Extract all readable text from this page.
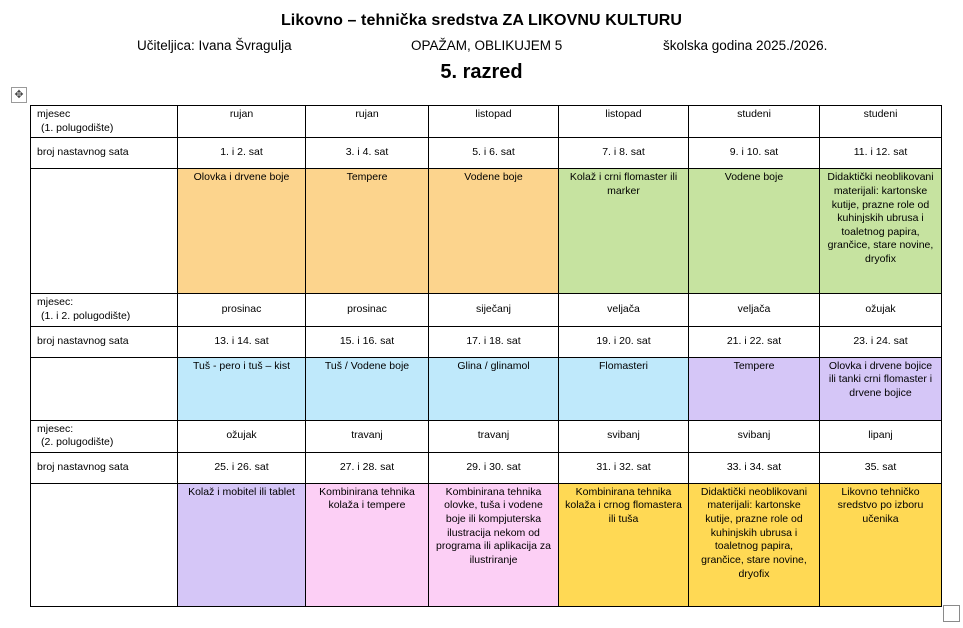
Likovno – tehnička sredstva ZA LIKOVNU KULTURU
Učiteljica: Ivana Švragulja	OPAŽAM, OBLIKUJEM 5	školska godina 2025./2026.
5. razred
✥
mjesec
(1. polugodište)	rujan	rujan	listopad	listopad	studeni	studeni
broj nastavnog sata	1. i 2. sat	3. i 4. sat	5. i 6. sat	7. i 8. sat	9. i 10. sat	11. i 12. sat
	Olovka i drvene boje	Tempere	Vodene boje	Kolaž i crni flomaster ili marker	Vodene boje	Didaktički neoblikovani materijali: kartonske kutije, prazne role od kuhinjskih ubrusa i toaletnog papira, grančice, stare novine, dryofix

mjesec:
(1. i 2. polugodište)	prosinac	prosinac	siječanj	veljača	veljača	ožujak
broj nastavnog sata	13. i 14. sat	15. i 16. sat	17. i 18. sat	19. i 20. sat	21. i 22. sat	23. i 24. sat
	Tuš - pero i tuš – kist	Tuš / Vodene boje	Glina / glinamol	Flomasteri	Tempere	Olovka i drvene bojice ili tanki crni flomaster i drvene bojice

mjesec:
(2. polugodište)	ožujak	travanj	travanj	svibanj	svibanj	lipanj
broj nastavnog sata	25. i 26. sat	27. i 28. sat	29. i 30. sat	31. i 32. sat	33. i 34. sat	35. sat
	Kolaž i mobitel ili tablet	Kombinirana tehnika kolaža i tempere	Kombinirana tehnika olovke, tuša i vodene boje ili kompjuterska ilustracija nekom od programa ili aplikacija za ilustriranje	Kombinirana tehnika kolaža i crnog flomastera ili tuša	Didaktički neoblikovani materijali: kartonske kutije, prazne role od kuhinjskih ubrusa i toaletnog papira, grančice, stare novine, dryofix	Likovno tehničko sredstvo po izboru učenika
